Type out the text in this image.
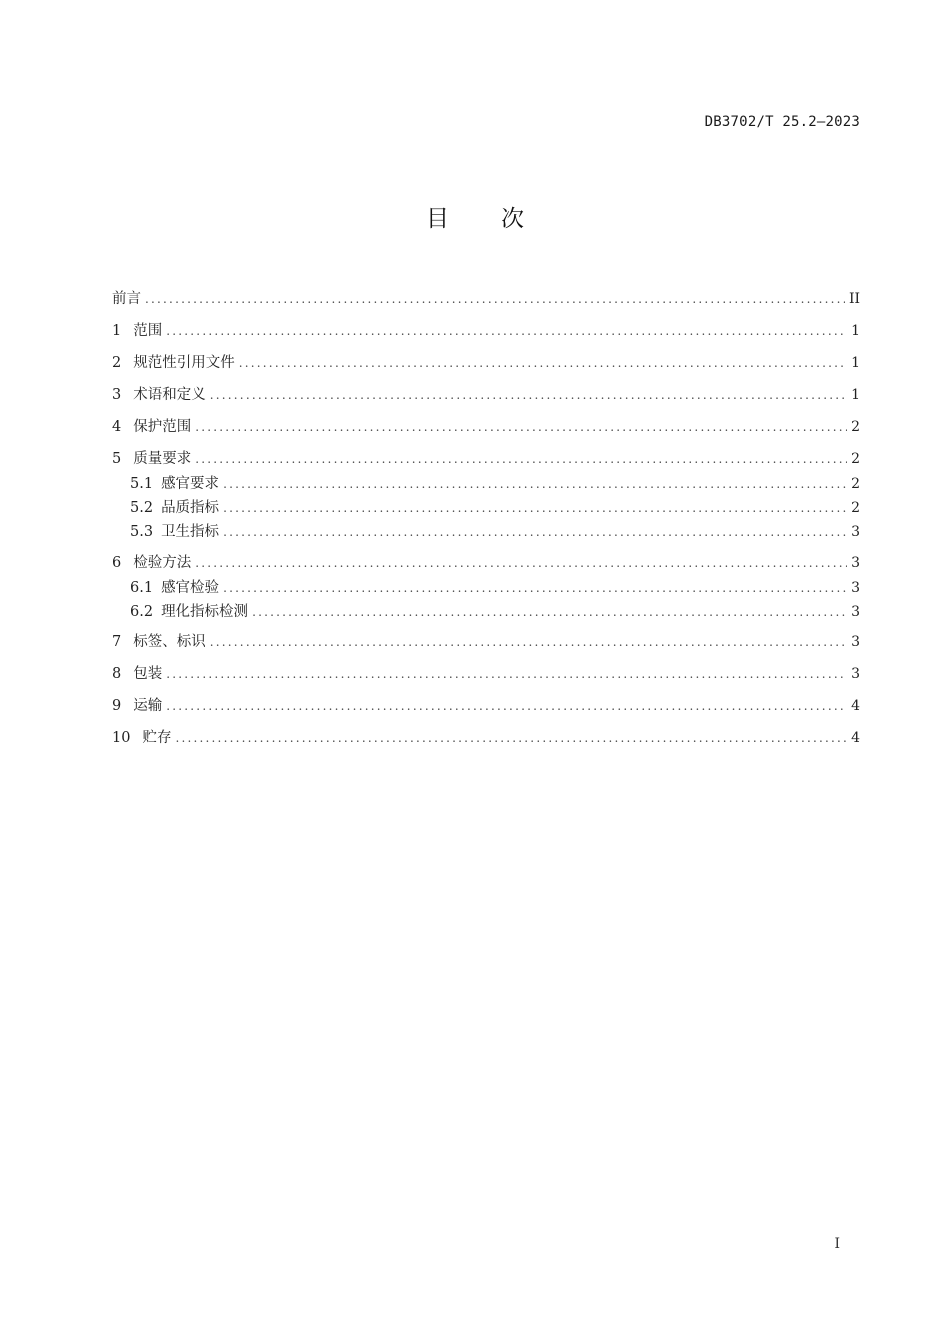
DB3702/T 25.2—2023
目次
前言 .....	II
1 范围 .....	1
2 规范性引用文件 .....	1
3 术语和定义 .....	1
4 保护范围 .....	2
5 质量要求 .....	2
5.1 感官要求 .....	2
5.2 品质指标 .....	2
5.3 卫生指标 .....	3
6 检验方法 .....	3
6.1 感官检验 .....	3
6.2 理化指标检测 .....	3
7 标签、标识 .....	3
8 包装 .....	3
9 运输 .....	4
10 贮存 .....	4
I
